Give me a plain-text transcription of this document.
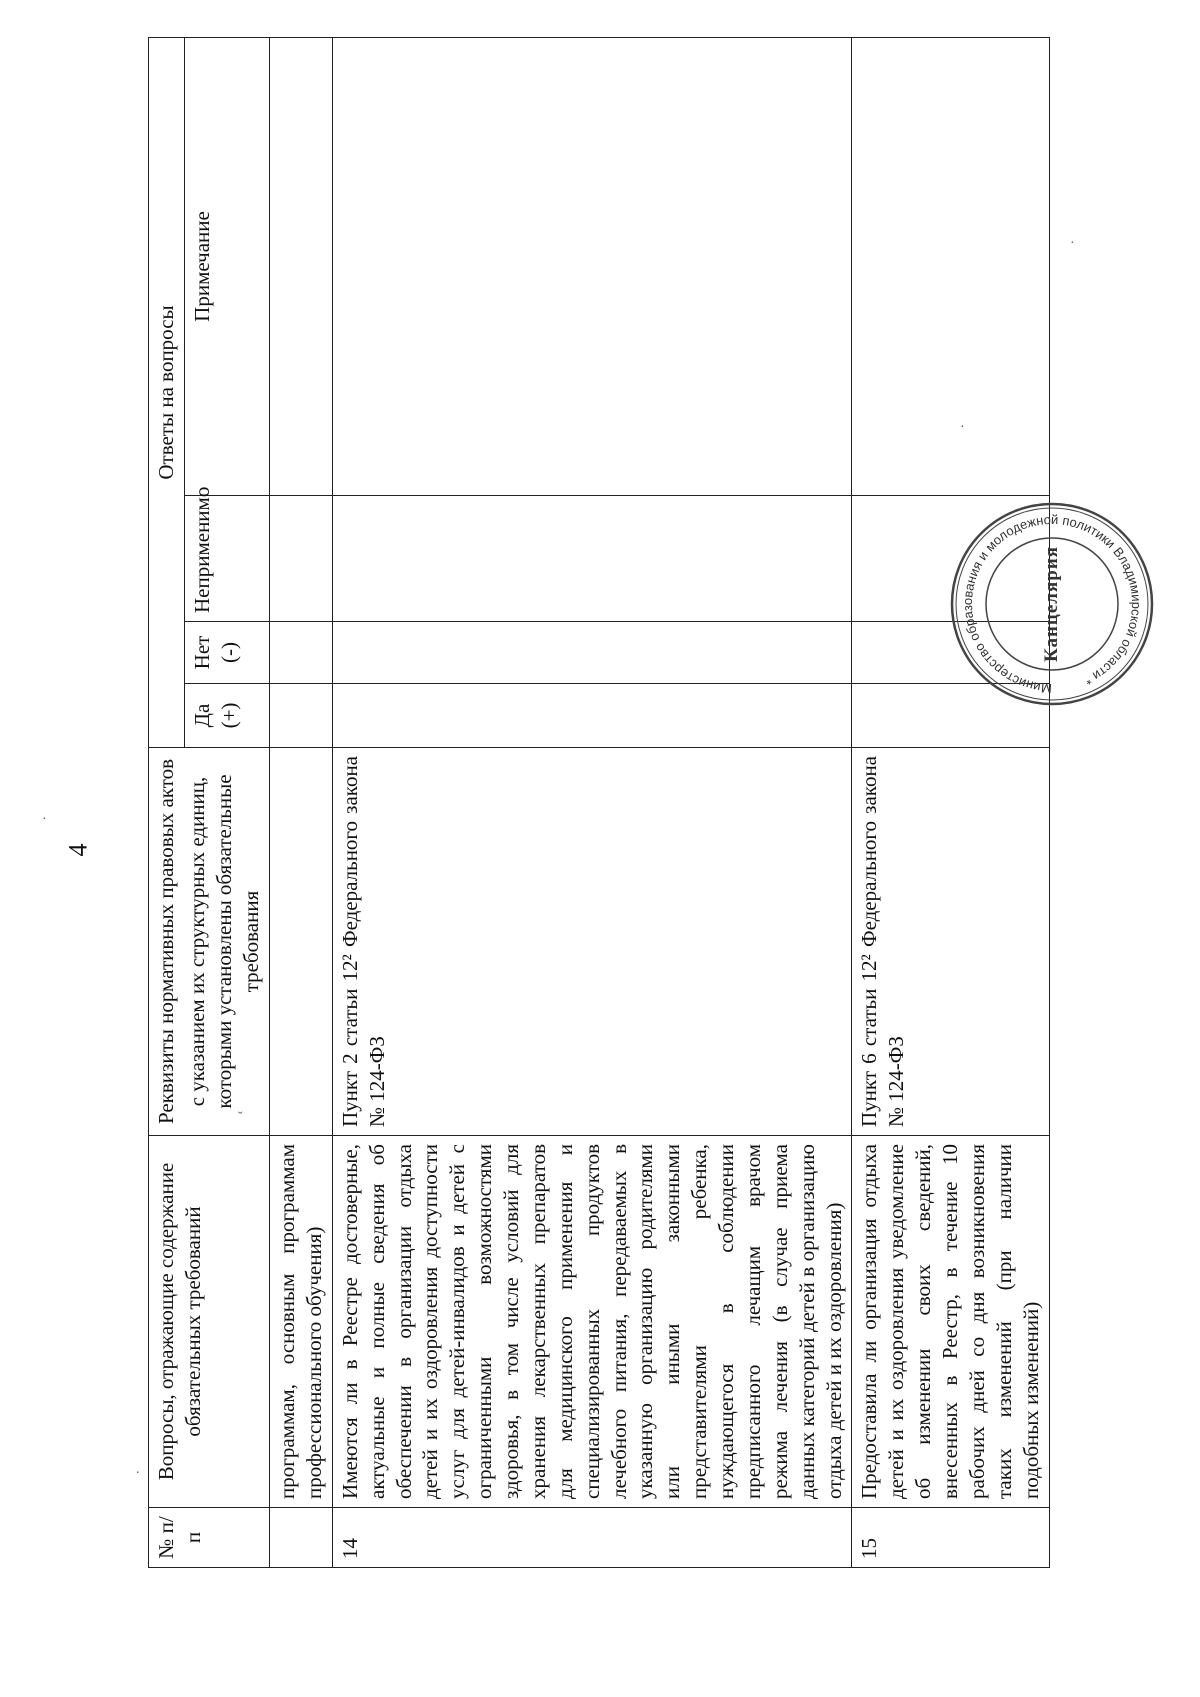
4
№ п/п	Вопросы, отражающие содержание обязательных требований	Реквизиты нормативных правовых актов	Ответы на вопросы			
		с указанием их структурных единиц, которыми установлены обязательные требования	Да (+)	Нет (-)	Неприменимо	Примечание
	программам, основным программам профессионального обучения)					
14	Имеются ли в Реестре достоверные, актуальные и полные сведения об обеспечении в организации отдыха детей и их оздоровления доступности услуг для детей-инвалидов и детей с ограниченными возможностями здоровья, в том числе условий для хранения лекарственных препаратов для медицинского применения и специализированных продуктов лечебного питания, передаваемых в указанную организацию родителями или иными законными представителями ребенка, нуждающегося в соблюдении предписанного лечащим врачом режима лечения (в случае приема данных категорий детей в организацию отдыха детей и их оздоровления)	Пункт 2 статьи 12² Федерального закона № 124-ФЗ				
15	Предоставила ли организация отдыха детей и их оздоровления уведомление об изменении своих сведений, внесенных в Реестр, в течение 10 рабочих дней со дня возникновения таких изменений (при наличии подобных изменений)	Пункт 6 статьи 12² Федерального закона № 124-ФЗ				
Министерство образования и молодежной политики Владимирской области *
Канцелярия
·
˘
.
·
·
